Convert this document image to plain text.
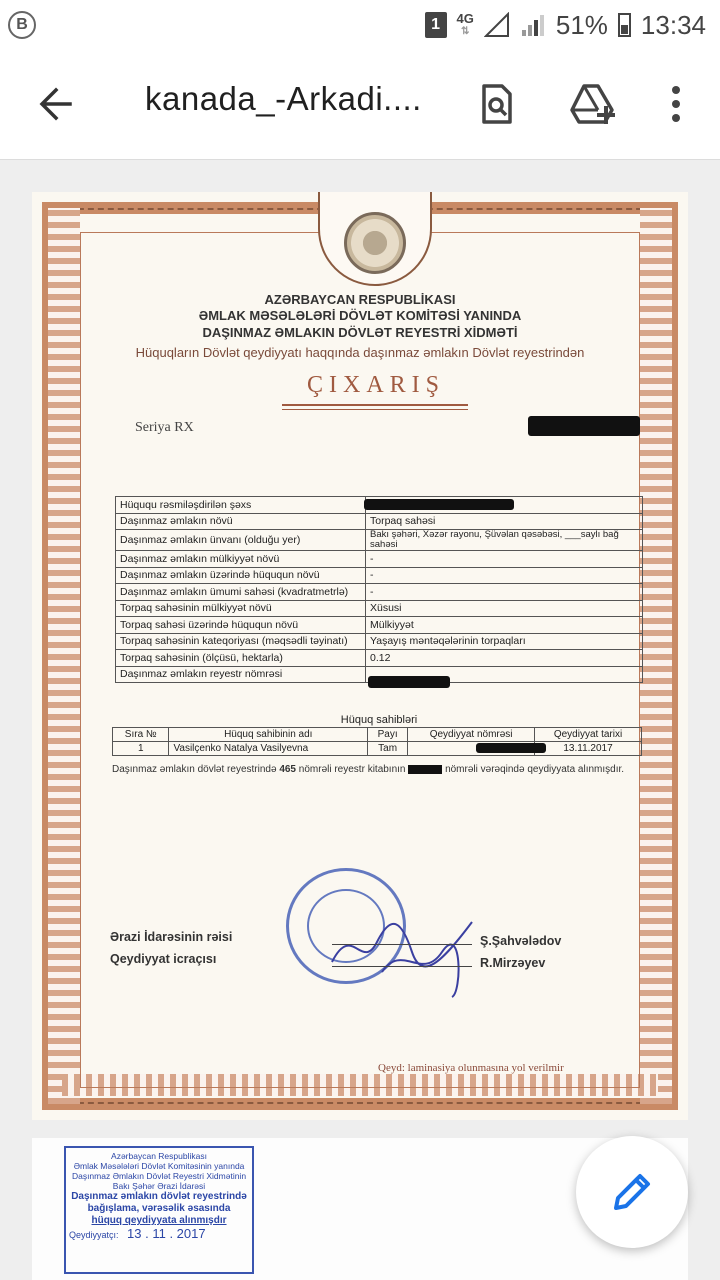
B	1	4G
⇅	51% 13:34
kanada_-Arkadi....
AZƏRBAYCAN RESPUBLİKASI
ƏMLAK MƏSƏLƏLƏRİ DÖVLƏT KOMİTƏSİ YANINDA
DAŞINMAZ ƏMLAKIN DÖVLƏT REYESTRİ XİDMƏTİ
Hüquqların Dövlət qeydiyyatı haqqında daşınmaz əmlakın Dövlət reyestrindən
ÇIXARIŞ
Seriya RX
Hüququ rəsmiləşdirilən şəxs	
Daşınmaz əmlakın növü	Torpaq sahəsi
Daşınmaz əmlakın ünvanı (olduğu yer)	Bakı şəhəri, Xəzər rayonu, Şüvəlan qəsəbəsi, ___saylı bağ sahəsi
Daşınmaz əmlakın mülkiyyət növü	-
Daşınmaz əmlakın üzərində hüququn növü	-
Daşınmaz əmlakın ümumi sahəsi (kvadratmetrlə)	-
Torpaq sahəsinin mülkiyyət növü	Xüsusi
Torpaq sahəsi üzərində hüququn növü	Mülkiyyət
Torpaq sahəsinin kateqoriyası (məqsədli təyinatı)	Yaşayış məntəqələrinin torpaqları
Torpaq sahəsinin (ölçüsü, hektarla)	0.12
Daşınmaz əmlakın reyestr nömrəsi	
Hüquq sahibləri
Sıra №	Hüquq sahibinin adı	Payı	Qeydiyyat nömrəsi	Qeydiyyat tarixi
1	Vasilçenko Natalya Vasilyevna	Tam		13.11.2017
Daşınmaz əmlakın dövlət reyestrində 465 nömrəli reyestr kitabının	nömrəli vərəqində qeydiyyata alınmışdır.
Ərazi İdarəsinin rəisi
Qeydiyyat icraçısı
Ş.Şahvələdov
R.Mirzəyev
Qeyd: laminasiya olunmasına yol verilmir
Azərbaycan Respublikası
Əmlak Məsələləri Dövlət Komitəsinin yanında
Daşınmaz Əmlakın Dövlət Reyestri Xidmətinin
Bakı Şəhər Ərazi İdarəsi
Daşınmaz əmlakın dövlət reyestrində
bağışlama, vərəsəlik əsasında
hüquq qeydiyyata alınmışdır
Qeydiyyatçı: 13 . 11 . 2017
